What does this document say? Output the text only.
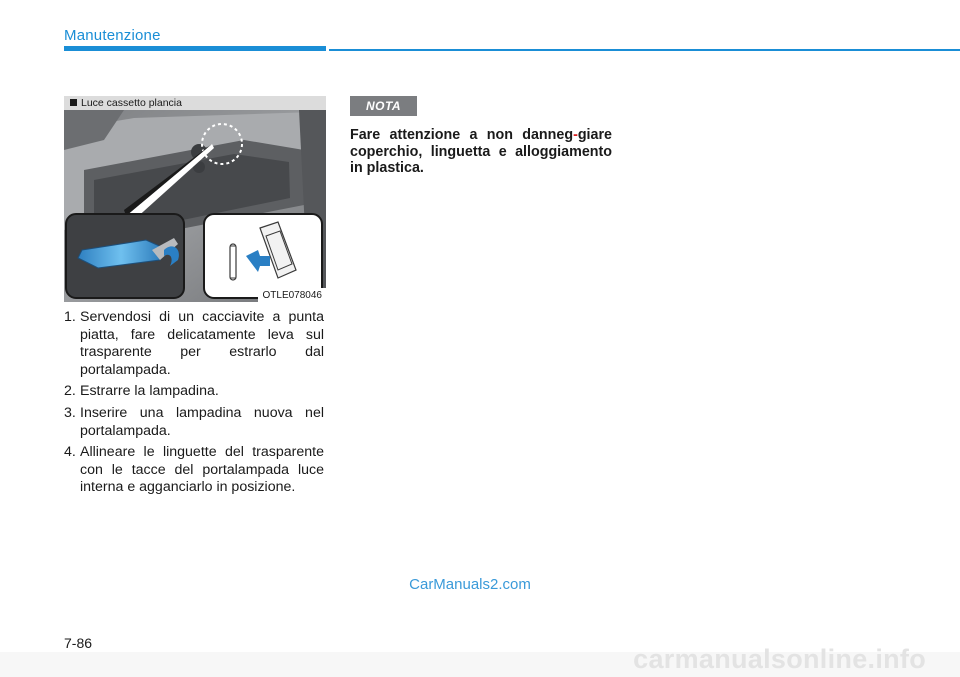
Manutenzione
Luce cassetto plancia
OTLE078046
1. Servendosi di un cacciavite a punta piatta, fare delicatamente leva sul trasparente per estrarlo dal portalampada.
2. Estrarre la lampadina.
3. Inserire una lampadina nuova nel portalampada.
4. Allineare le linguette del trasparente con le tacce del portalampada luce interna e agganciarlo in posizione.
NOTA
Fare attenzione a non danneg-giare coperchio, linguetta e alloggiamento in plastica.
CarManuals2.com
7-86
carmanualsonline.info
